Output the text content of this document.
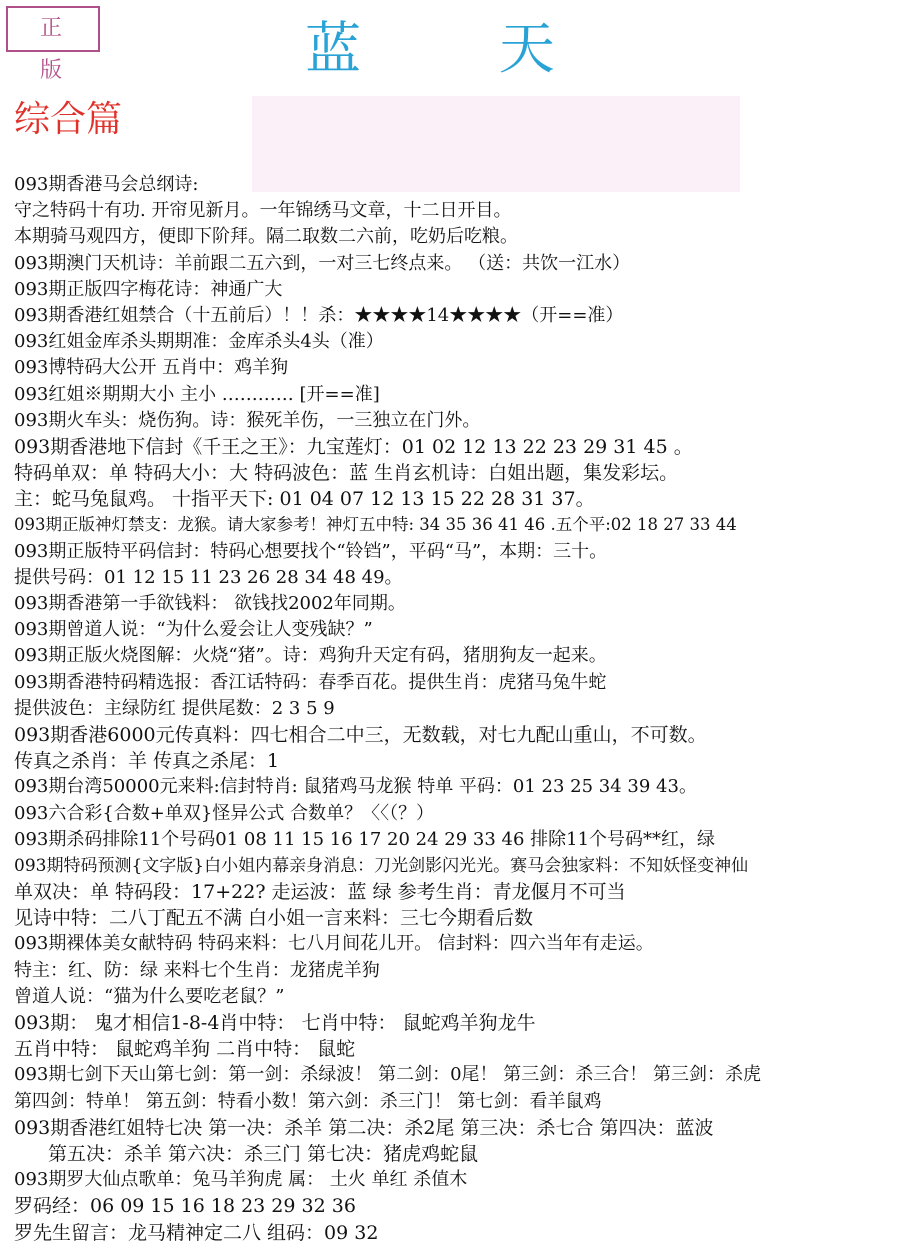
正 版	蓝 天
综合篇
093期香港马会总纲诗:
守之特码十有功. 开帘见新月。一年锦绣马文章，十二日开目。
本期骑马观四方，便即下阶拜。隔二取数二六前，吃奶后吃粮。
093期澳门天机诗：羊前跟二五六到，一对三七终点来。 （送：共饮一江水）
093期正版四字梅花诗：神通广大
093期香港红姐禁合（十五前后）！！杀：★★★★14★★★★（开==准）
093红姐金库杀头期期准：金库杀头4头（准）
093博特码大公开 五肖中：鸡羊狗
093红姐※期期大小 主小 ………… [开==准]
093期火车头：烧伤狗。诗：猴死羊伤，一三独立在门外。
093期香港地下信封《千王之王》：九宝莲灯：01 02 12 13 22 23 29 31 45 。
特码单双：单 特码大小：大 特码波色：蓝 生肖玄机诗：白姐出题，集发彩坛。
主：蛇马兔鼠鸡。 十指平天下: 01 04 07 12 13 15 22 28 31 37。
093期正版神灯禁支：龙猴。请大家参考！神灯五中特: 34 35 36 41 46 .五个平:02 18 27 33 44
093期正版特平码信封：特码心想要找个“铃铛”，平码“马”，本期：三十。
提供号码：01 12 15 11 23 26 28 34 48 49。
093期香港第一手欲钱料： 欲钱找2002年同期。
093期曾道人说：“为什么爱会让人变残缺？”
093期正版火烧图解：火烧“猪”。诗：鸡狗升天定有码，猪朋狗友一起来。
093期香港特码精选报：香江话特码：春季百花。提供生肖：虎猪马兔牛蛇
提供波色：主绿防红 提供尾数：2 3 5 9
093期香港6000元传真料：四七相合二中三，无数载，对七九配山重山，不可数。
传真之杀肖：羊 传真之杀尾：1
093期台湾50000元来料:信封特肖: 鼠猪鸡马龙猴 特单 平码：01 23 25 34 39 43。
093六合彩{合数+单双}怪异公式 合数单？〈〈（？）
093期杀码排除11个号码01 08 11 15 16 17 20 24 29 33 46 排除11个号码**红，绿
093期特码预测{文字版}白小姐内幕亲身消息：刀光剑影闪光光。赛马会独家料：不知妖怪变神仙
单双决：单 特码段：17+22? 走运波：蓝 绿 参考生肖：青龙偃月不可当
见诗中特：二八丁配五不满 白小姐一言来料：三七今期看后数
093期裸体美女献特码 特码来料：七八月间花儿开。 信封料：四六当年有走运。
特主：红、防：绿 来料七个生肖：龙猪虎羊狗
曾道人说：“猫为什么要吃老鼠？”
093期： 鬼才相信1-8-4肖中特： 七肖中特： 鼠蛇鸡羊狗龙牛
五肖中特： 鼠蛇鸡羊狗 二肖中特： 鼠蛇
093期七剑下天山第七剑：第一剑：杀绿波！ 第二剑：0尾！ 第三剑：杀三合！ 第三剑：杀虎
第四剑：特单！ 第五剑：特看小数！第六剑：杀三门！ 第七剑：看羊鼠鸡
093期香港红姐特七决 第一决：杀羊 第二决：杀2尾 第三决：杀七合 第四决：蓝波
第五决：杀羊 第六决：杀三门 第七决：猪虎鸡蛇鼠
093期罗大仙点歌单：兔马羊狗虎 属： 土火 单红 杀值木
罗码经：06 09 15 16 18 23 29 32 36
罗先生留言：龙马精神定二八 组码：09 32
